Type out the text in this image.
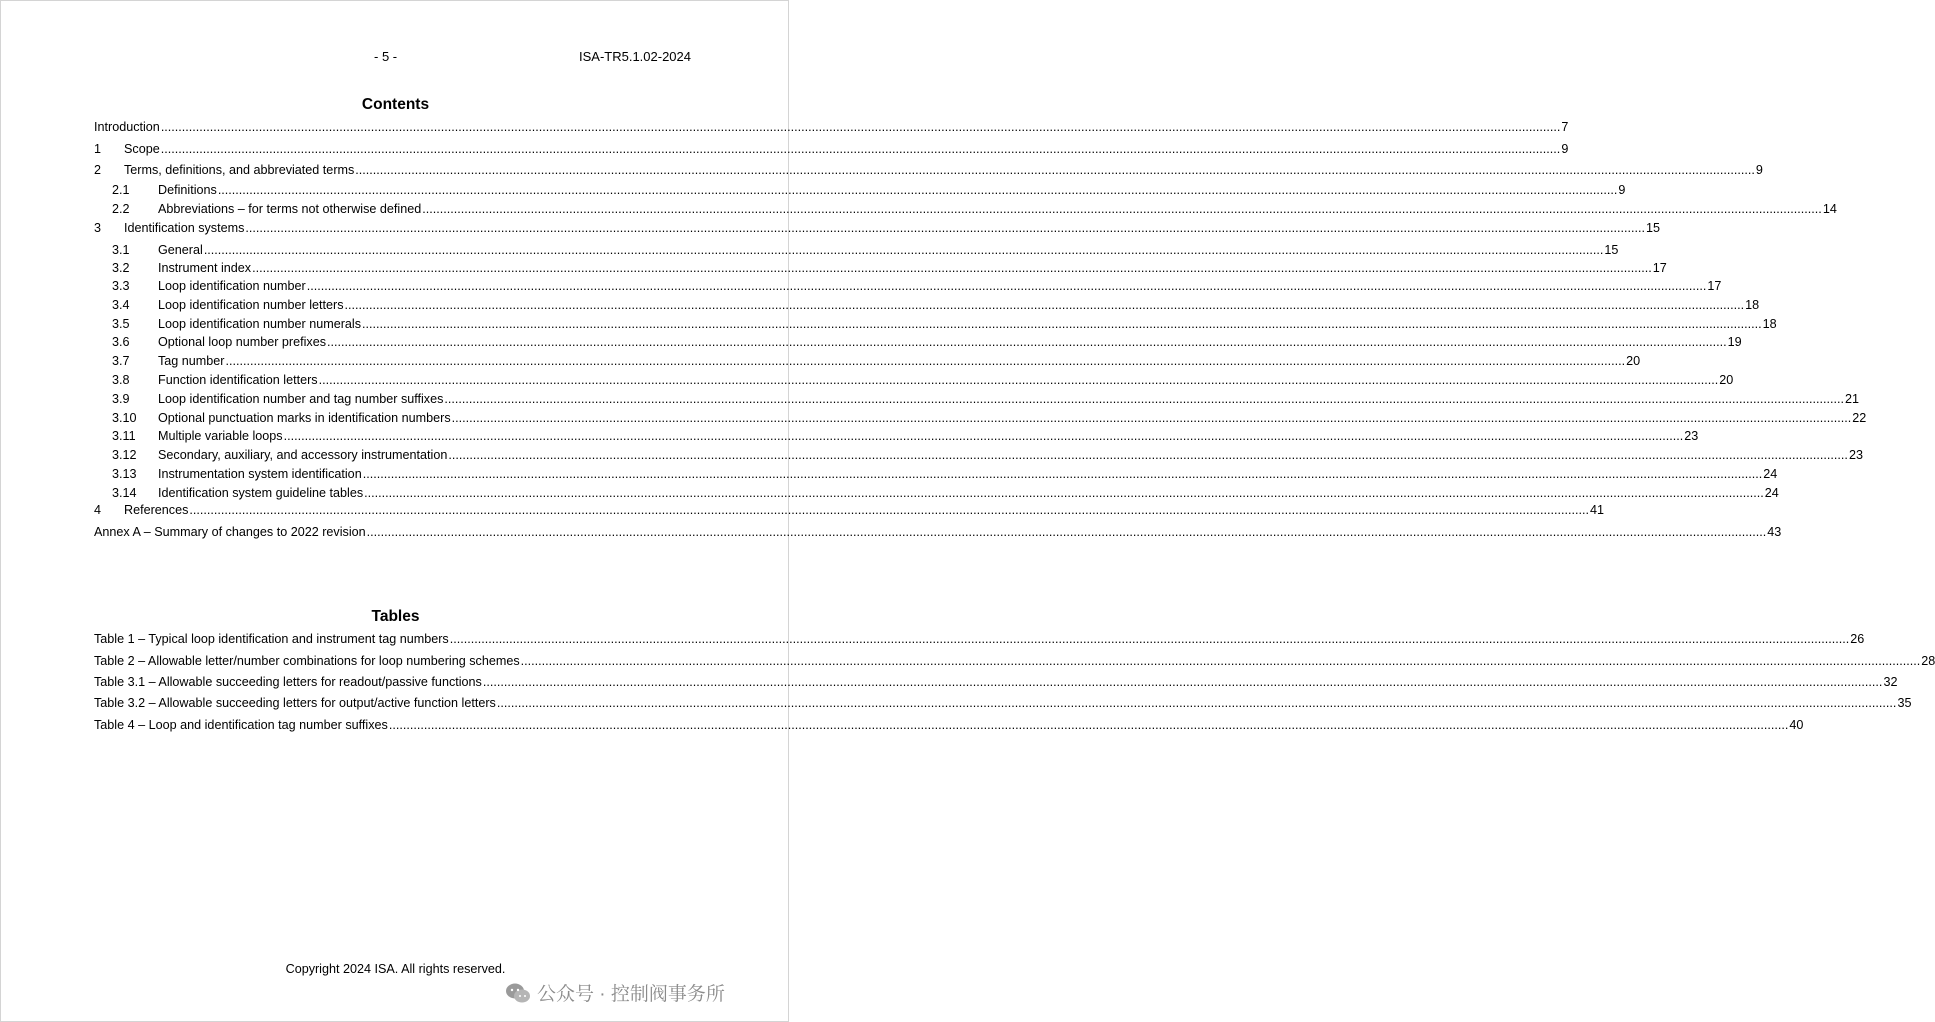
- 5 -	ISA-TR5.1.02-2024
Contents
Introduction ................................................................................................................................................................................................................................................................................................................................................................................................................ 7
1 Scope ................................................................................................................................................................................................................................................................................................................................................................................................................ 9
2 Terms, definitions, and abbreviated terms ................................................................................................................................................................................................................................................................................................................................................................................................................ 9
2.1 Definitions ................................................................................................................................................................................................................................................................................................................................................................................................................ 9
2.2 Abbreviations – for terms not otherwise defined ................................................................................................................................................................................................................................................................................................................................................................................................................ 14
3 Identification systems ................................................................................................................................................................................................................................................................................................................................................................................................................ 15
3.1 General ................................................................................................................................................................................................................................................................................................................................................................................................................ 15
3.2 Instrument index ................................................................................................................................................................................................................................................................................................................................................................................................................ 17
3.3 Loop identification number ................................................................................................................................................................................................................................................................................................................................................................................................................ 17
3.4 Loop identification number letters ................................................................................................................................................................................................................................................................................................................................................................................................................ 18
3.5 Loop identification number numerals ................................................................................................................................................................................................................................................................................................................................................................................................................ 18
3.6 Optional loop number prefixes ................................................................................................................................................................................................................................................................................................................................................................................................................ 19
3.7 Tag number ................................................................................................................................................................................................................................................................................................................................................................................................................ 20
3.8 Function identification letters ................................................................................................................................................................................................................................................................................................................................................................................................................ 20
3.9 Loop identification number and tag number suffixes ................................................................................................................................................................................................................................................................................................................................................................................................................ 21
3.10 Optional punctuation marks in identification numbers ................................................................................................................................................................................................................................................................................................................................................................................................................ 22
3.11 Multiple variable loops ................................................................................................................................................................................................................................................................................................................................................................................................................ 23
3.12 Secondary, auxiliary, and accessory instrumentation ................................................................................................................................................................................................................................................................................................................................................................................................................ 23
3.13 Instrumentation system identification ................................................................................................................................................................................................................................................................................................................................................................................................................ 24
3.14 Identification system guideline tables ................................................................................................................................................................................................................................................................................................................................................................................................................ 24
4 References ................................................................................................................................................................................................................................................................................................................................................................................................................ 41
Annex A – Summary of changes to 2022 revision ................................................................................................................................................................................................................................................................................................................................................................................................................ 43
Tables
Table 1 – Typical loop identification and instrument tag numbers ................................................................................................................................................................................................................................................................................................................................................................................................................ 26
Table 2 – Allowable letter/number combinations for loop numbering schemes ................................................................................................................................................................................................................................................................................................................................................................................................................ 28
Table 3.1 – Allowable succeeding letters for readout/passive functions ................................................................................................................................................................................................................................................................................................................................................................................................................ 32
Table 3.2 – Allowable succeeding letters for output/active function letters ................................................................................................................................................................................................................................................................................................................................................................................................................ 35
Table 4 – Loop and identification tag number suffixes ................................................................................................................................................................................................................................................................................................................................................................................................................ 40
Copyright 2024 ISA. All rights reserved.
公众号 · 控制阀事务所
